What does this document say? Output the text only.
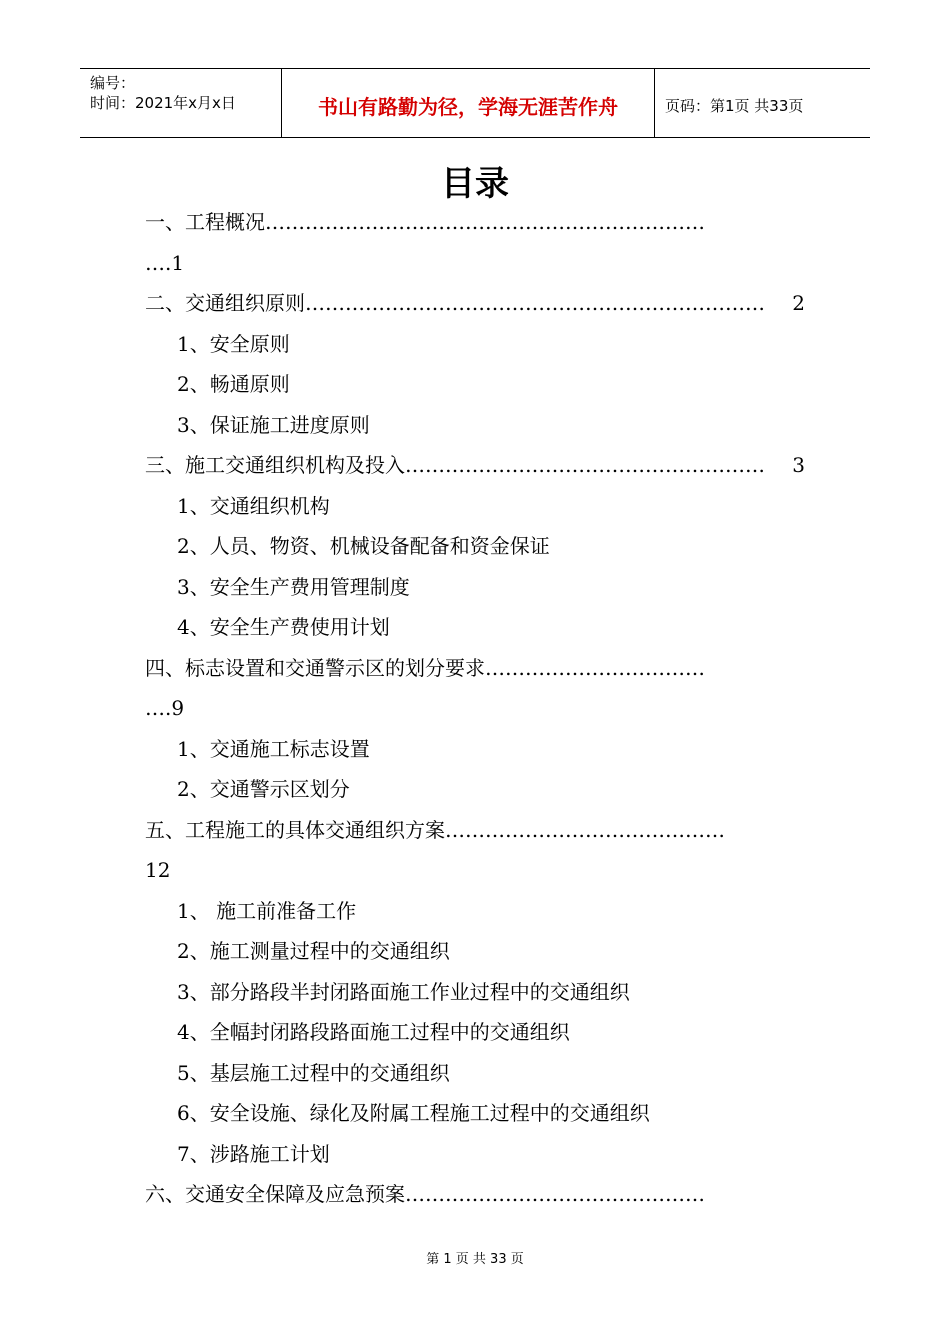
编号：
时间：2021年x月x日	书山有路勤为径，学海无涯苦作舟	页码：第1页 共33页
目录
一、工程概况 …………………………………………………………
….1
二、交通组织原则 ……………………………………………………………	2
1、安全原则
2、畅通原则
3、保证施工进度原则
三、施工交通组织机构及投入 ………………………………………………	3
1、交通组织机构
2、人员、物资、机械设备配备和资金保证
3、安全生产费用管理制度
4、安全生产费使用计划
四、标志设置和交通警示区的划分要求 ……………………………
….9
1、交通施工标志设置
2、交通警示区划分
五、工程施工的具体交通组织方案 ……………………………………
12
1、 施工前准备工作
2、施工测量过程中的交通组织
3、部分路段半封闭路面施工作业过程中的交通组织
4、全幅封闭路段路面施工过程中的交通组织
5、基层施工过程中的交通组织
6、安全设施、绿化及附属工程施工过程中的交通组织
7、涉路施工计划
六、交通安全保障及应急预案 ………………………………………
第 1 页 共 33 页
